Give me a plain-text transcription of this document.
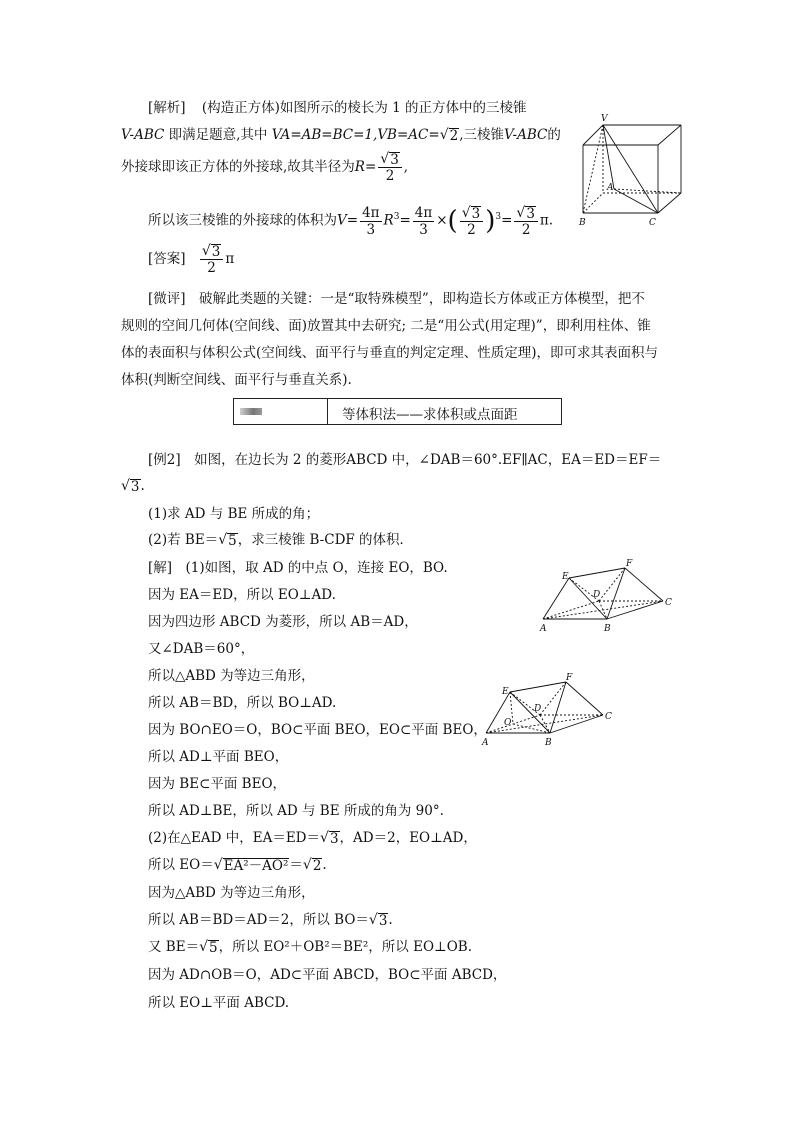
[解析] (构造正方体)如图所示的棱长为 1 的正方体中的三棱锥
V-ABC 即满足题意,其中 VA=AB=BC=1,VB=AC= √ 2 ,三棱锥V-ABC的
外接球即该正方体的外接球,故其半径为$R= \frac{√ 3}{2}$ ,
所以该三棱锥的外接球的体积为$V= \frac{4\pi}{3} R^3= \frac{4\pi}{3}$ ×( $\frac{√ 3}{2} )^3= \frac{√ 3}{2} \pi$.
V
A
B	C
[答案] $\frac{√ 3}{2}$ π
[微评]　破解此类题的关键：一是“取特殊模型”，即构造长方体或正方体模型，把不
规则的空间几何体(空间线、面)放置其中去研究; 二是“用公式(用定理)”，即利用柱体、锥
体的表面积与体积公式(空间线、面平行与垂直的判定定理、性质定理)，即可求其表面积与
体积(判断空间线、面平行与垂直关系).
等体积法——求体积或点面距
[例2]　如图，在边长为 2 的菱形ABCD 中，∠DAB＝60°.EF∥AC，EA＝ED＝EF＝
√ 3 .
(1)求 AD 与 BE 所成的角；
(2)若 BE＝ √ 5 ，求三棱锥 B-CDF 的体积．
[解]　(1)如图，取 AD 的中点 O，连接 EO，BO.
因为 EA＝ED，所以 EO⊥AD.
因为四边形 ABCD 为菱形，所以 AB＝AD，
又∠DAB＝60°，
所以△ABD 为等边三角形，
所以 AB＝BD，所以 BO⊥AD.
因为 BO∩EO＝O，BO⊂平面 BEO，EO⊂平面 BEO，
所以 AD⊥平面 BEO，
因为 BE⊂平面 BEO，
所以 AD⊥BE，所以 AD 与 BE 所成的角为 90°.
(2)在△EAD 中，EA＝ED＝ √ 3 ，AD＝2，EO⊥AD，
所以 EO＝ √ EA²－AO² ＝ √ 2 .
因为△ABD 为等边三角形，
所以 AB＝BD＝AD＝2，所以 BO＝ √ 3 .
又 BE＝ √ 5 ，所以 EO²＋OB²＝BE²，所以 EO⊥OB.
因为 AD∩OB＝O，AD⊂平面 ABCD，BO⊂平面 ABCD，
所以 EO⊥平面 ABCD.
E
F
D
C
A	B
E
F
D
O
C
A	B
